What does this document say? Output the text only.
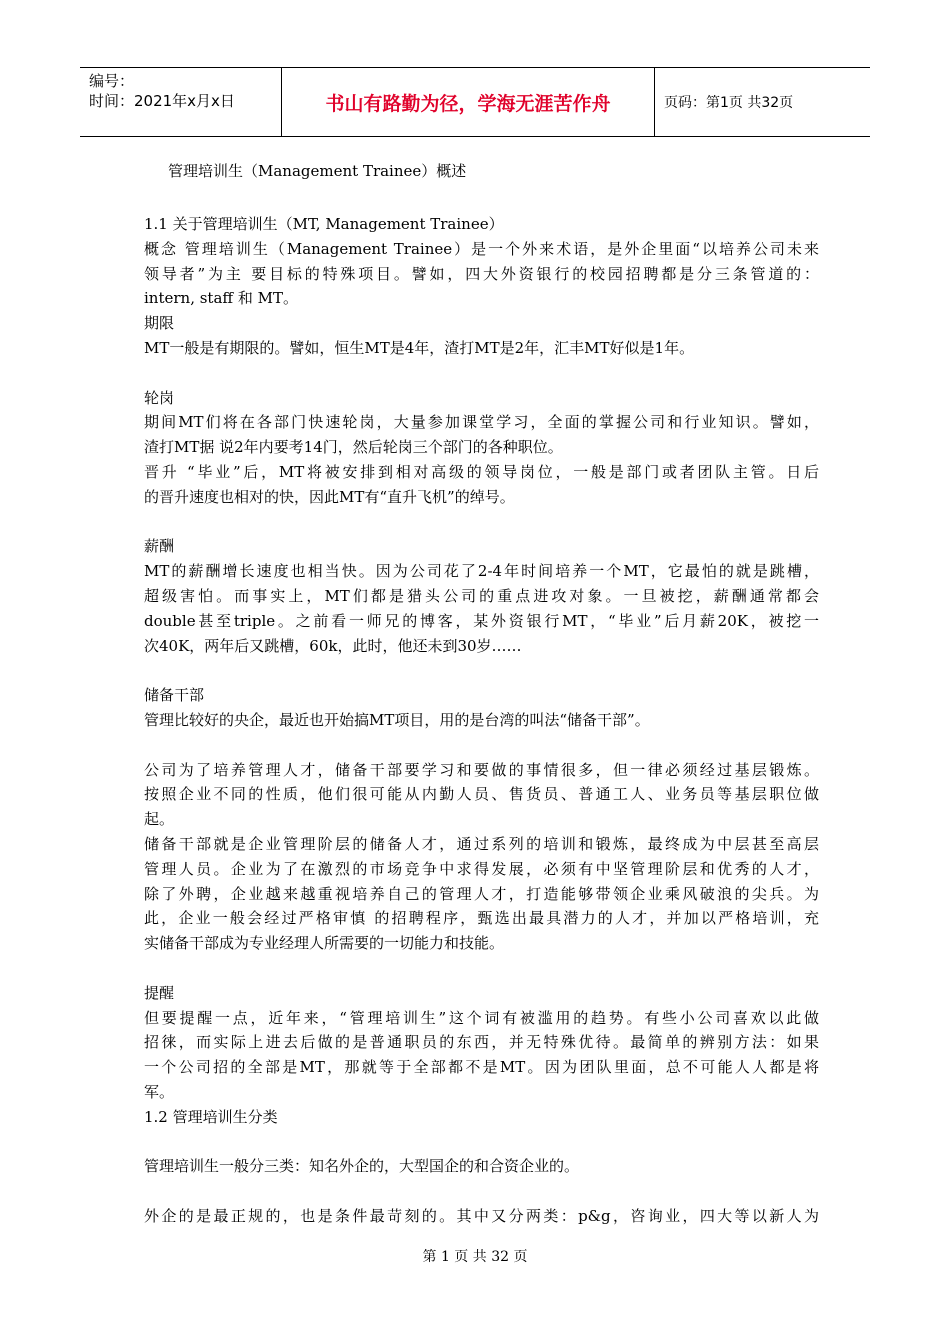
编号：
时间：2021年x月x日	书山有路勤为径，学海无涯苦作舟	页码：第1页 共32页
管理培训生（Management Trainee）概述
1.1 关于管理培训生（MT, Management Trainee）
概念 管理培训生（Management Trainee）是一个外来术语，是外企里面“以培养公司未来
领导者”为主 要目标的特殊项目。譬如，四大外资银行的校园招聘都是分三条管道的：
intern, staff 和 MT。
期限
MT一般是有期限的。譬如，恒生MT是4年，渣打MT是2年，汇丰MT好似是1年。
轮岗
期间MT们将在各部门快速轮岗，大量参加课堂学习，全面的掌握公司和行业知识。譬如，
渣打MT据 说2年内要考14门，然后轮岗三个部门的各种职位。
晋升 “毕业”后，MT将被安排到相对高级的领导岗位，一般是部门或者团队主管。日后
的晋升速度也相对的快，因此MT有“直升飞机”的绰号。
薪酬
MT的薪酬增长速度也相当快。因为公司花了2-4年时间培养一个MT，它最怕的就是跳槽，
超级害怕。而事实上，MT们都是猎头公司的重点进攻对象。一旦被挖，薪酬通常都会
double甚至triple。之前看一师兄的博客，某外资银行MT，“毕业”后月薪20K，被挖一
次40K，两年后又跳槽，60k，此时，他还未到30岁……
储备干部
管理比较好的央企，最近也开始搞MT项目，用的是台湾的叫法“储备干部”。
公司为了培养管理人才，储备干部要学习和要做的事情很多，但一律必须经过基层锻炼。
按照企业不同的性质，他们很可能从内勤人员、售货员、普通工人、业务员等基层职位做
起。
储备干部就是企业管理阶层的储备人才，通过系列的培训和锻炼，最终成为中层甚至高层
管理人员。企业为了在激烈的市场竞争中求得发展，必须有中坚管理阶层和优秀的人才，
除了外聘，企业越来越重视培养自己的管理人才，打造能够带领企业乘风破浪的尖兵。为
此，企业一般会经过严格审慎 的招聘程序，甄选出最具潜力的人才，并加以严格培训，充
实储备干部成为专业经理人所需要的一切能力和技能。
提醒
但要提醒一点，近年来，“管理培训生”这个词有被滥用的趋势。有些小公司喜欢以此做
招徕，而实际上进去后做的是普通职员的东西，并无特殊优待。最简单的辨别方法：如果
一个公司招的全部是MT，那就等于全部都不是MT。因为团队里面，总不可能人人都是将
军。
1.2 管理培训生分类
管理培训生一般分三类：知名外企的，大型国企的和合资企业的。
外企的是最正规的，也是条件最苛刻的。其中又分两类：p&g，咨询业，四大等以新人为
第 1 页 共 32 页
